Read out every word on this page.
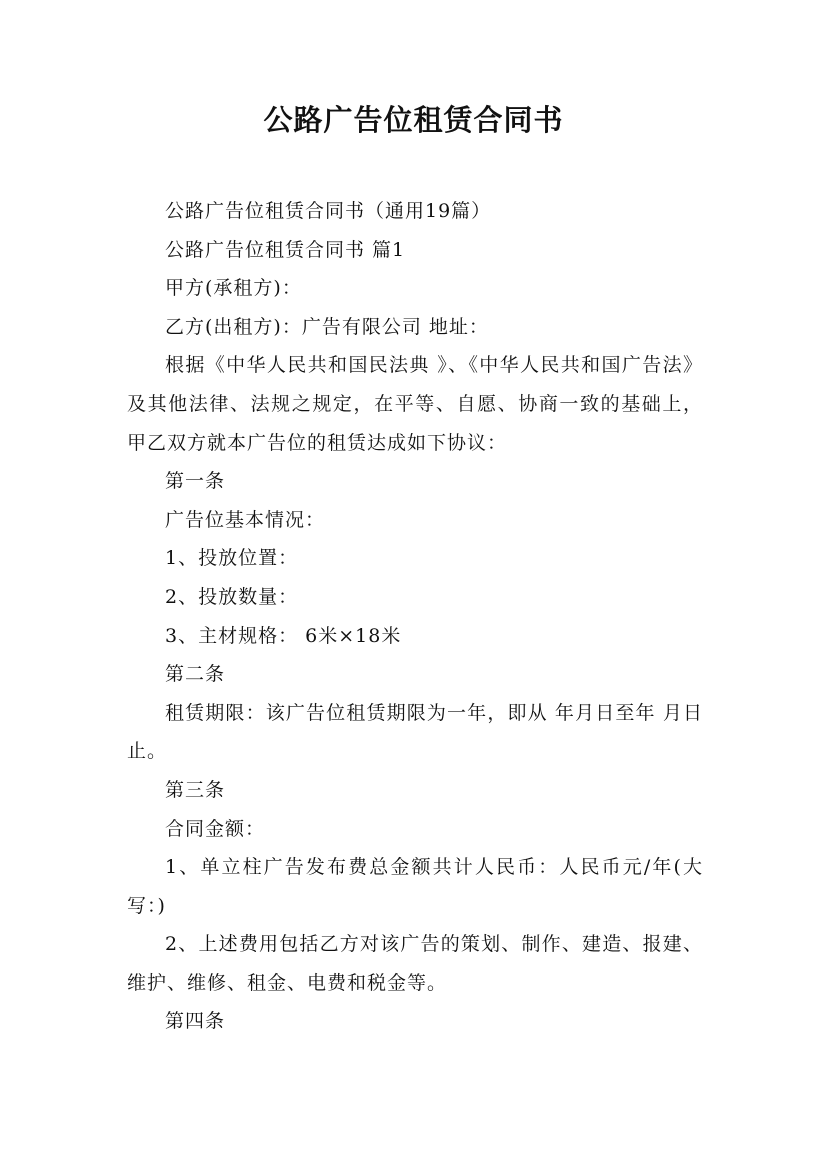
公路广告位租赁合同书

公路广告位租赁合同书（通用19篇）

公路广告位租赁合同书 篇1

甲方(承租方)：

乙方(出租方)：广告有限公司 地址：

根据《中华人民共和国民法典 》、《中华人民共和国广告法》及其他法律、法规之规定，在平等、自愿、协商一致的基础上，甲乙双方就本广告位的租赁达成如下协议：

第一条

广告位基本情况：

1、投放位置：

2、投放数量：

3、主材规格： 6米×18米

第二条

租赁期限：该广告位租赁期限为一年，即从 年月日至年 月日止。

第三条

合同金额：

1、单立柱广告发布费总金额共计人民币：人民币元/年(大写：)

2、上述费用包括乙方对该广告的策划、制作、建造、报建、维护、维修、租金、电费和税金等。

第四条
